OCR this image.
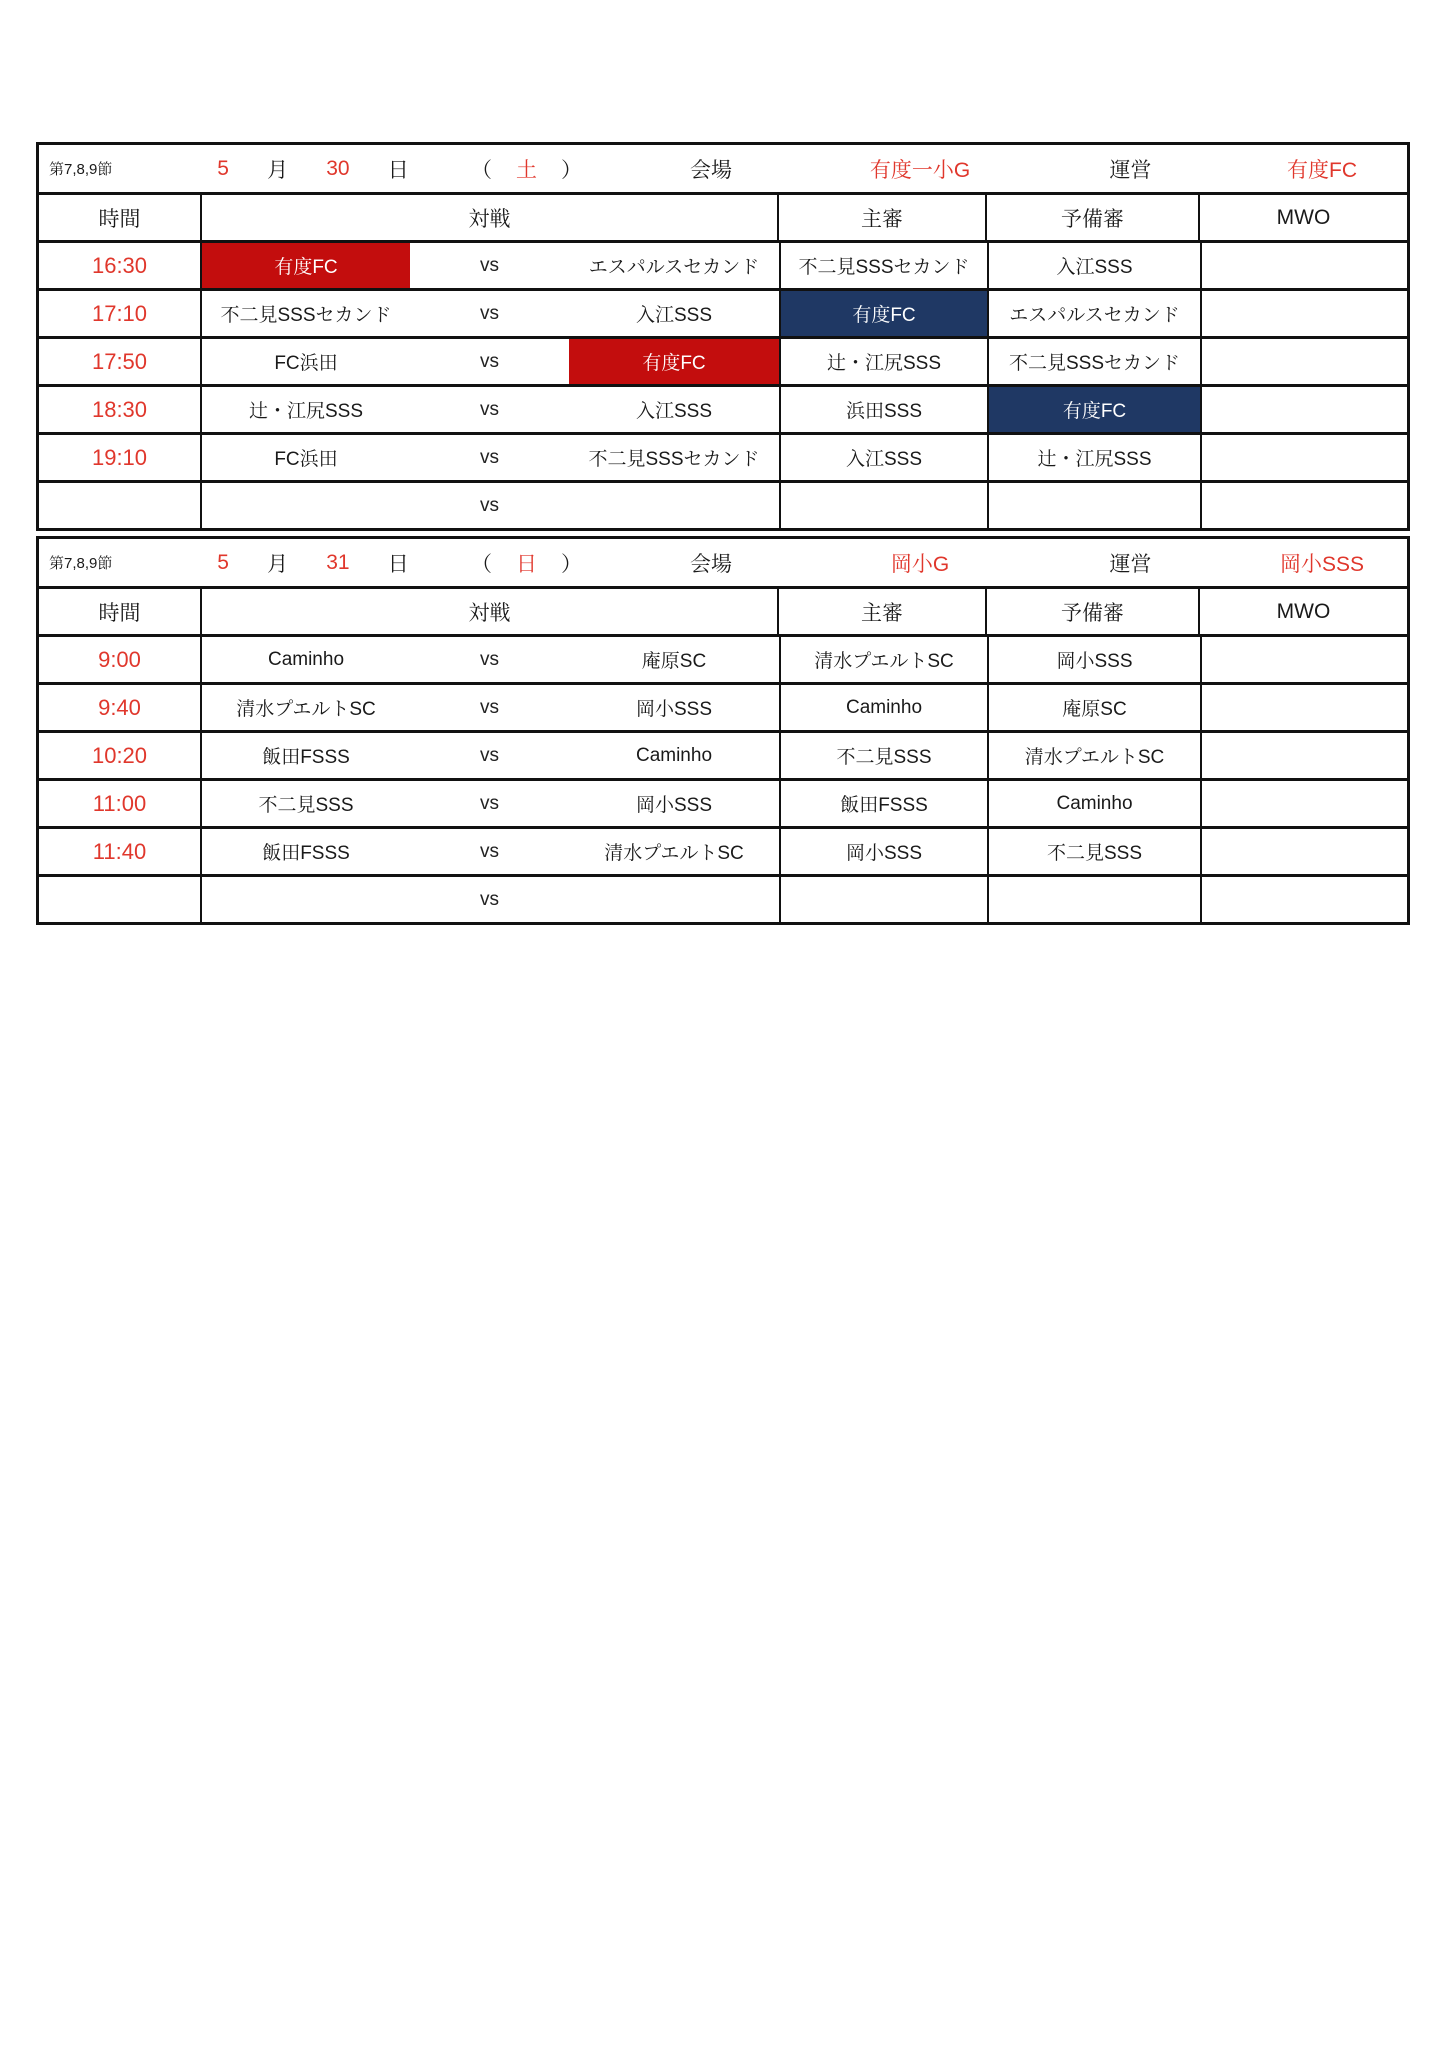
第7,8,9節	5 月 30 日	（ 土 ）	会場	有度一小G	運営	有度FC
時間	対戦	主審	予備審	MWO
16:30	有度FC	vs	エスパルスセカンド	不二見SSSセカンド	入江SSS
17:10	不二見SSSセカンド	vs	入江SSS	有度FC	エスパルスセカンド
17:50	FC浜田	vs	有度FC	辻・江尻SSS	不二見SSSセカンド
18:30	辻・江尻SSS	vs	入江SSS	浜田SSS	有度FC
19:10	FC浜田	vs	不二見SSSセカンド	入江SSS	辻・江尻SSS
vs
第7,8,9節	5 月 31 日	（ 日 ）	会場	岡小G	運営	岡小SSS
時間	対戦	主審	予備審	MWO
9:00	Caminho	vs	庵原SC	清水プエルトSC	岡小SSS
9:40	清水プエルトSC	vs	岡小SSS	Caminho	庵原SC
10:20	飯田FSSS	vs	Caminho	不二見SSS	清水プエルトSC
11:00	不二見SSS	vs	岡小SSS	飯田FSSS	Caminho
11:40	飯田FSSS	vs	清水プエルトSC	岡小SSS	不二見SSS
vs
